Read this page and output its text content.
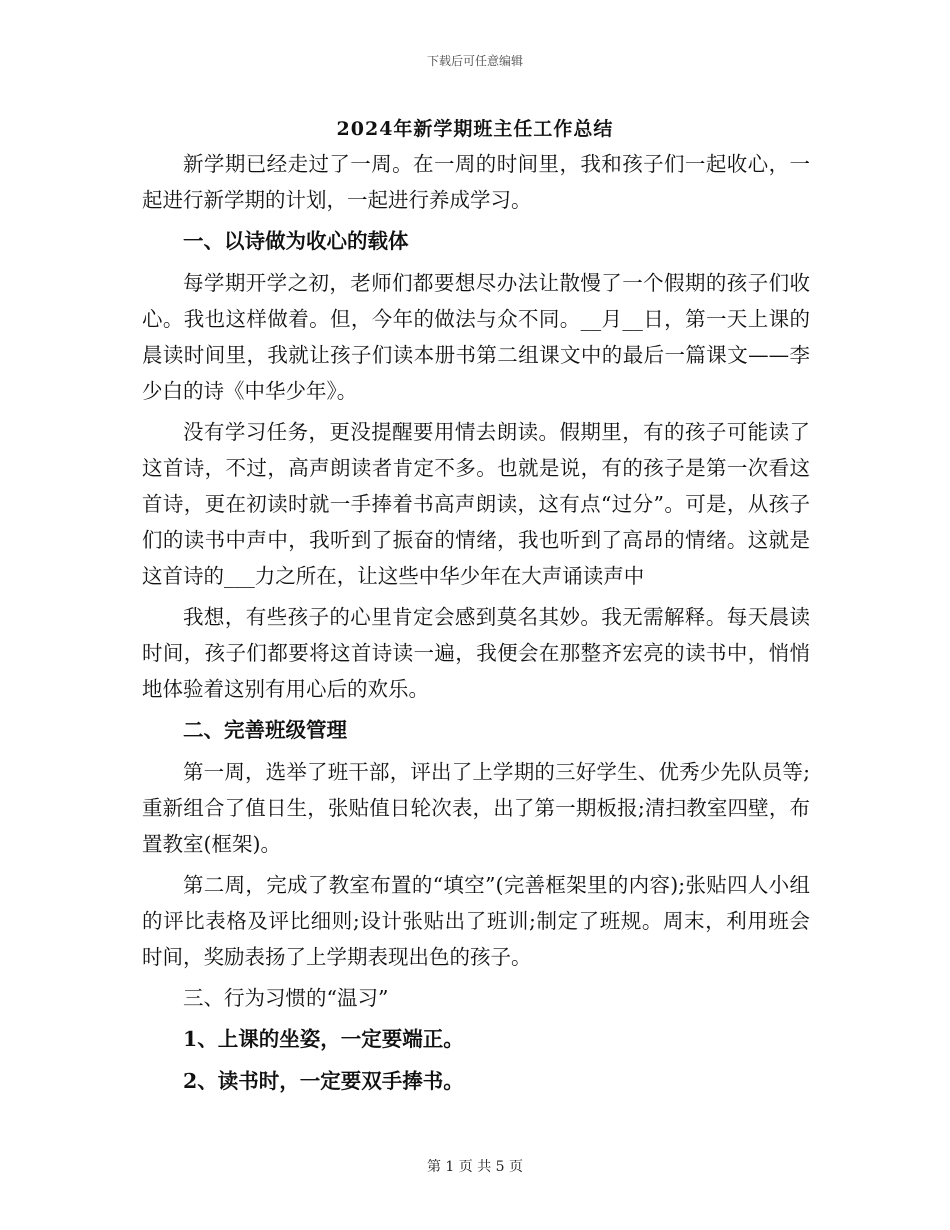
下载后可任意编辑
2024年新学期班主任工作总结

新学期已经走过了一周。在一周的时间里，我和孩子们一起收心，一起进行新学期的计划，一起进行养成学习。

一、以诗做为收心的载体

每学期开学之初，老师们都要想尽办法让散慢了一个假期的孩子们收心。我也这样做着。但，今年的做法与众不同。__月__日，第一天上课的晨读时间里，我就让孩子们读本册书第二组课文中的最后一篇课文——李少白的诗《中华少年》。

没有学习任务，更没提醒要用情去朗读。假期里，有的孩子可能读了这首诗，不过，高声朗读者肯定不多。也就是说，有的孩子是第一次看这首诗，更在初读时就一手捧着书高声朗读，这有点“过分”。可是，从孩子们的读书中声中，我听到了振奋的情绪，我也听到了高昂的情绪。这就是这首诗的___力之所在，让这些中华少年在大声诵读声中

我想，有些孩子的心里肯定会感到莫名其妙。我无需解释。每天晨读时间，孩子们都要将这首诗读一遍，我便会在那整齐宏亮的读书中，悄悄地体验着这别有用心后的欢乐。

二、完善班级管理

第一周，选举了班干部，评出了上学期的三好学生、优秀少先队员等;重新组合了值日生，张贴值日轮次表，出了第一期板报;清扫教室四壁，布置教室(框架)。

第二周，完成了教室布置的“填空”(完善框架里的内容);张贴四人小组的评比表格及评比细则;设计张贴出了班训;制定了班规。周末，利用班会时间，奖励表扬了上学期表现出色的孩子。

三、行为习惯的“温习”

1、上课的坐姿，一定要端正。

2、读书时，一定要双手捧书。

第 1 页 共 5 页
